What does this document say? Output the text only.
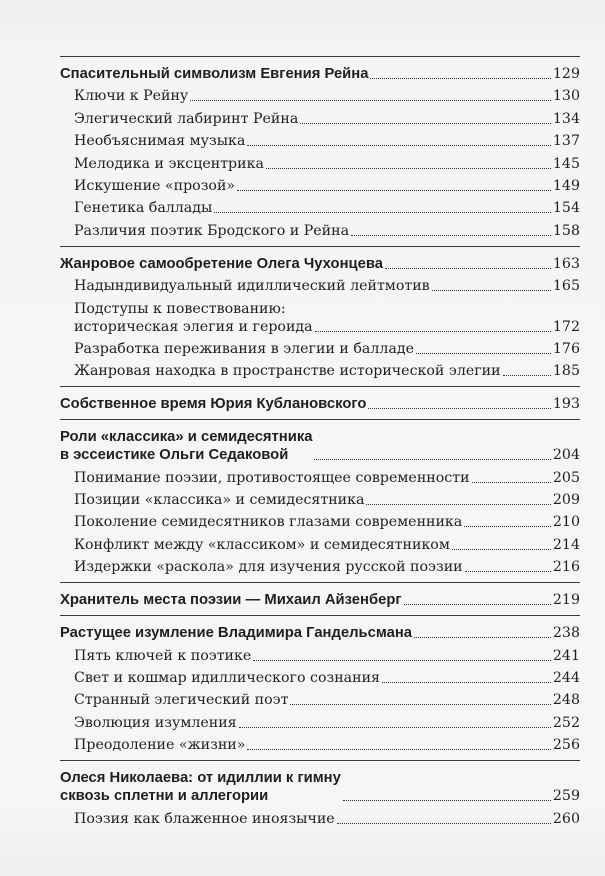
Спасительный символизм Евгения Рейна	129
Ключи к Рейну	130
Элегический лабиринт Рейна	134
Необъяснимая музыка	137
Мелодика и эксцентрика	145
Искушение «прозой»	149
Генетика баллады	154
Различия поэтик Бродского и Рейна	158
Жанровое самообретение Олега Чухонцева	163
Надындивидуальный идиллический лейтмотив	165
Подступы к повествованию:
историческая элегия и героида	172
Разработка переживания в элегии и балладе	176
Жанровая находка в пространстве исторической элегии	185
Собственное время Юрия Кублановского	193
Роли «классика» и семидесятника
в эссеистике Ольги Седаковой	204
Понимание поэзии, противостоящее современности	205
Позиции «классика» и семидесятника	209
Поколение семидесятников глазами современника	210
Конфликт между «классиком» и семидесятником	214
Издержки «раскола» для изучения русской поэзии	216
Хранитель места поэзии — Михаил Айзенберг	219
Растущее изумление Владимира Гандельсмана	238
Пять ключей к поэтике	241
Свет и кошмар идиллического сознания	244
Странный элегический поэт	248
Эволюция изумления	252
Преодоление «жизни»	256
Олеся Николаева: от идиллии к гимну
сквозь сплетни и аллегории	259
Поэзия как блаженное иноязычие	260
